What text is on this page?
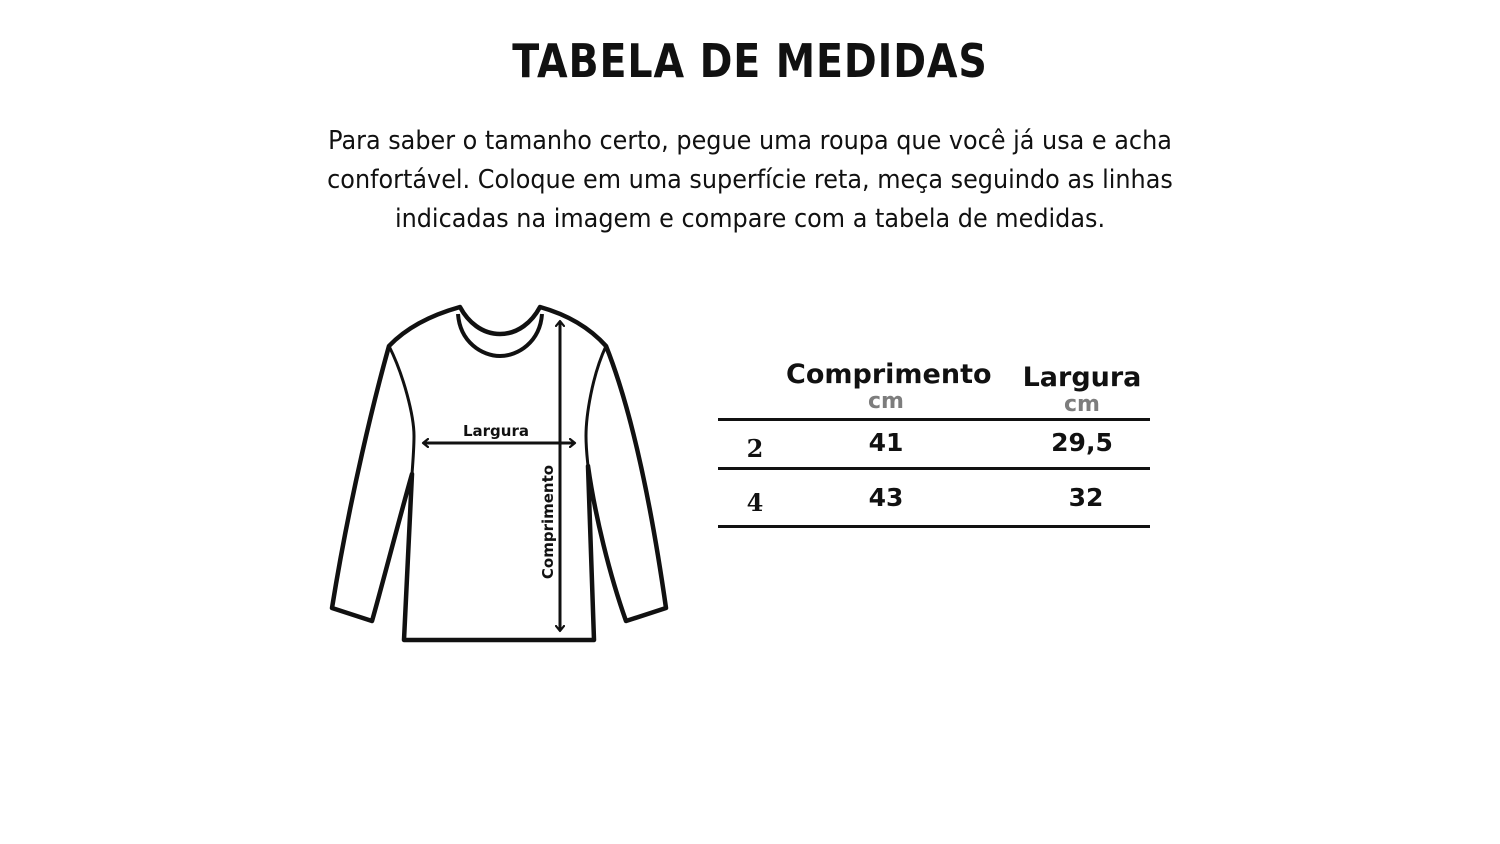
TABELA DE MEDIDAS

Para saber o tamanho certo, pegue uma roupa que você já usa e acha
confortável. Coloque em uma superfície reta, meça seguindo as linhas
indicadas na imagem e compare com a tabela de medidas.

Largura
Comprimento
Comprimento
cm
Largura
cm
2	41	29,5
4	43	32
